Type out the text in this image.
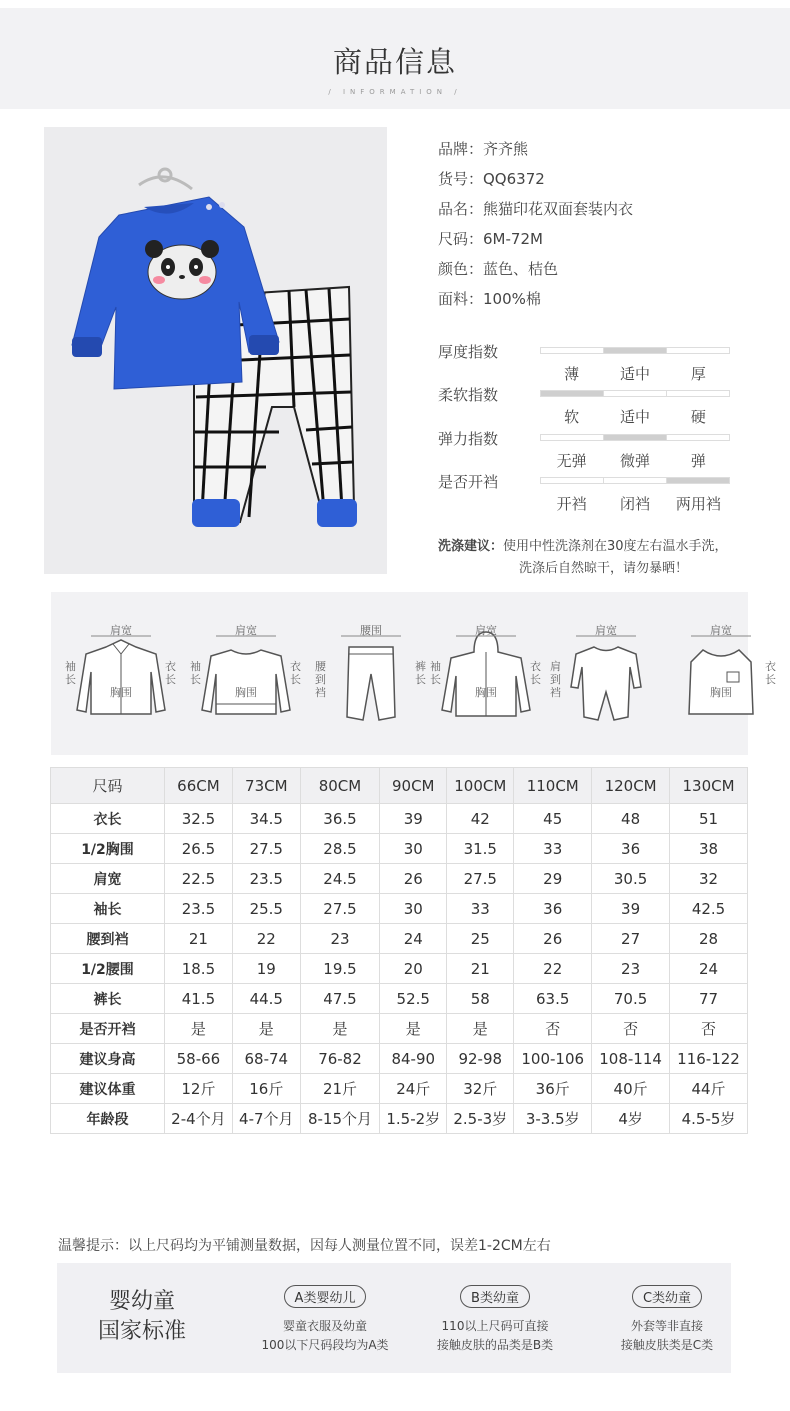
商品信息
/ INFORMATION /
品牌：齐齐熊
货号：QQ6372
品名：熊猫印花双面套装内衣
尺码：6M-72M
颜色：蓝色、桔色
面料：100%棉
厚度指数
薄	适中	厚
柔软指数
软	适中	硬
弹力指数
无弹	微弹	弹
是否开裆
开裆	闭裆	两用裆
洗涤建议：使用中性洗涤剂在30度左右温水手洗，
洗涤后自然晾干，请勿暴晒！
肩宽
袖长
衣长
胸围
肩宽
袖长
衣长
胸围
腰围
腰到裆
裤长
肩宽
袖长
衣长
胸围
肩宽
肩到裆
肩宽
衣长
胸围
尺码	66CM	73CM	80CM	90CM	100CM	110CM	120CM	130CM
衣长	32.5	34.5	36.5	39	42	45	48	51
1/2胸围	26.5	27.5	28.5	30	31.5	33	36	38
肩宽	22.5	23.5	24.5	26	27.5	29	30.5	32
袖长	23.5	25.5	27.5	30	33	36	39	42.5
腰到裆	21	22	23	24	25	26	27	28
1/2腰围	18.5	19	19.5	20	21	22	23	24
裤长	41.5	44.5	47.5	52.5	58	63.5	70.5	77
是否开裆	是	是	是	是	是	否	否	否
建议身高	58-66	68-74	76-82	84-90	92-98	100-106	108-114	116-122
建议体重	12斤	16斤	21斤	24斤	32斤	36斤	40斤	44斤
年龄段	2-4个月	4-7个月	8-15个月	1.5-2岁	2.5-3岁	3-3.5岁	4岁	4.5-5岁
温馨提示：以上尺码均为平铺测量数据，因每人测量位置不同，误差1-2CM左右
婴幼童
国家标准
A类婴幼儿
婴童衣服及幼童
100以下尺码段均为A类
B类幼童
110以上尺码可直接
接触皮肤的品类是B类
C类幼童
外套等非直接
接触皮肤类是C类
